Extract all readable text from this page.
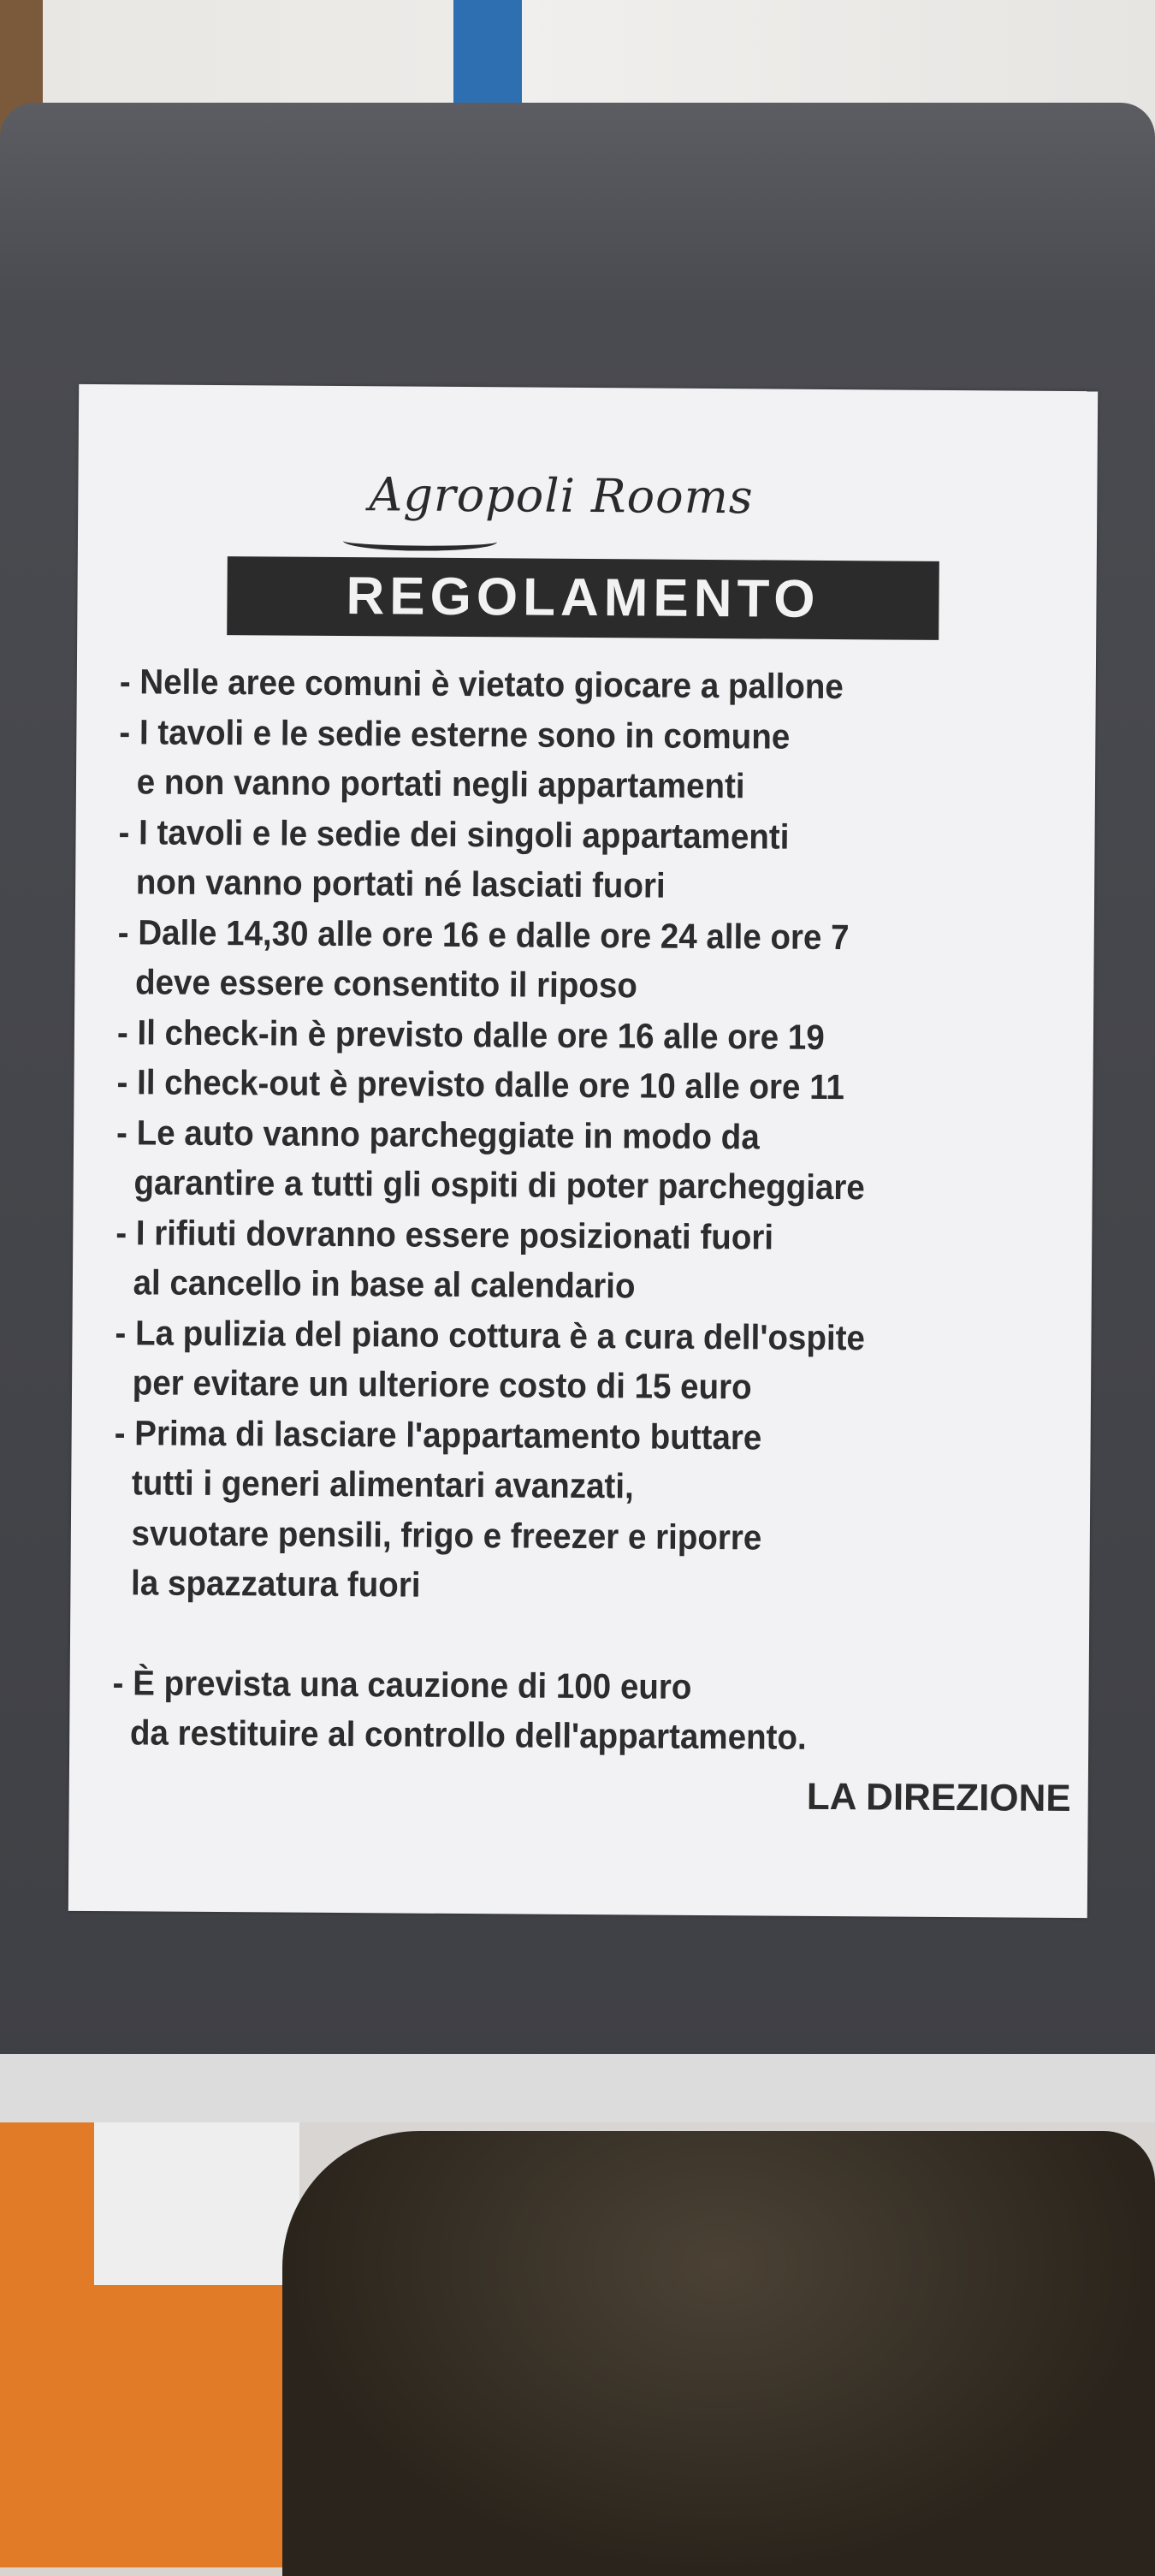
Agropoli Rooms
REGOLAMENTO
- Nelle aree comuni è vietato giocare a pallone
- I tavoli e le sedie esterne sono in comune
e non vanno portati negli appartamenti
- I tavoli e le sedie dei singoli appartamenti
non vanno portati né lasciati fuori
- Dalle 14,30 alle ore 16 e dalle ore 24 alle ore 7
deve essere consentito il riposo
- Il check-in è previsto dalle ore 16 alle ore 19
- Il check-out è previsto dalle ore 10 alle ore 11
- Le auto vanno parcheggiate in modo da
garantire a tutti gli ospiti di poter parcheggiare
- I rifiuti dovranno essere posizionati fuori
al cancello in base al calendario
- La pulizia del piano cottura è a cura dell'ospite
per evitare un ulteriore costo di 15 euro
- Prima di lasciare l'appartamento buttare
tutti i generi alimentari avanzati,
svuotare pensili, frigo e freezer e riporre
la spazzatura fuori
- È prevista una cauzione di 100 euro
da restituire al controllo dell'appartamento.
LA DIREZIONE
